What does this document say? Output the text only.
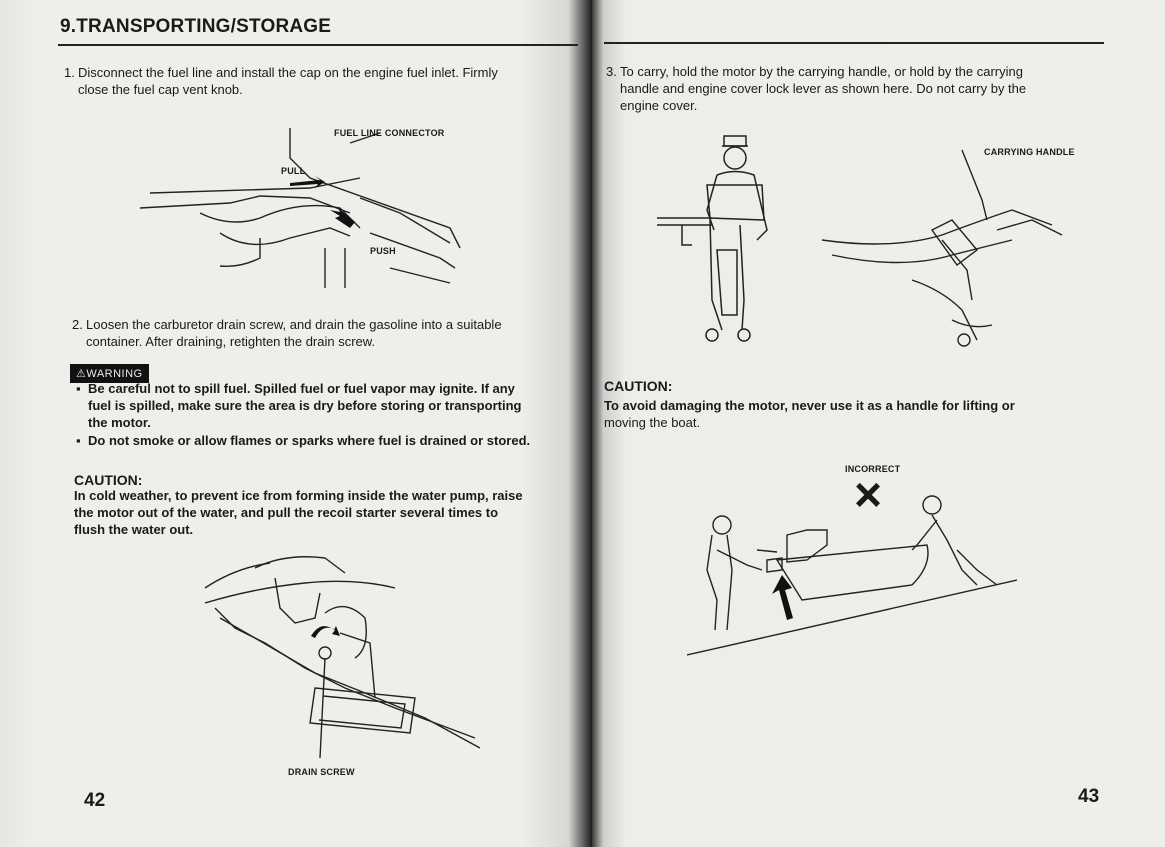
9.TRANSPORTING/STORAGE
1. Disconnect the fuel line and install the cap on the engine fuel inlet. Firmly
close the fuel cap vent knob.
FUEL LINE CONNECTOR
PULL
PUSH
2. Loosen the carburetor drain screw, and drain the gasoline into a suitable
container. After draining, retighten the drain screw.
⚠WARNING
▪ Be careful not to spill fuel. Spilled fuel or fuel vapor may ignite. If any
fuel is spilled, make sure the area is dry before storing or transporting
the motor.
▪ Do not smoke or allow flames or sparks where fuel is drained or stored.
CAUTION:
In cold weather, to prevent ice from forming inside the water pump, raise
the motor out of the water, and pull the recoil starter several times to
flush the water out.
DRAIN SCREW
42
3. To carry, hold the motor by the carrying handle, or hold by the carrying
handle and engine cover lock lever as shown here. Do not carry by the
engine cover.
CARRYING HANDLE
CAUTION:
To avoid damaging the motor, never use it as a handle for lifting or
moving the boat.
INCORRECT
×
43
